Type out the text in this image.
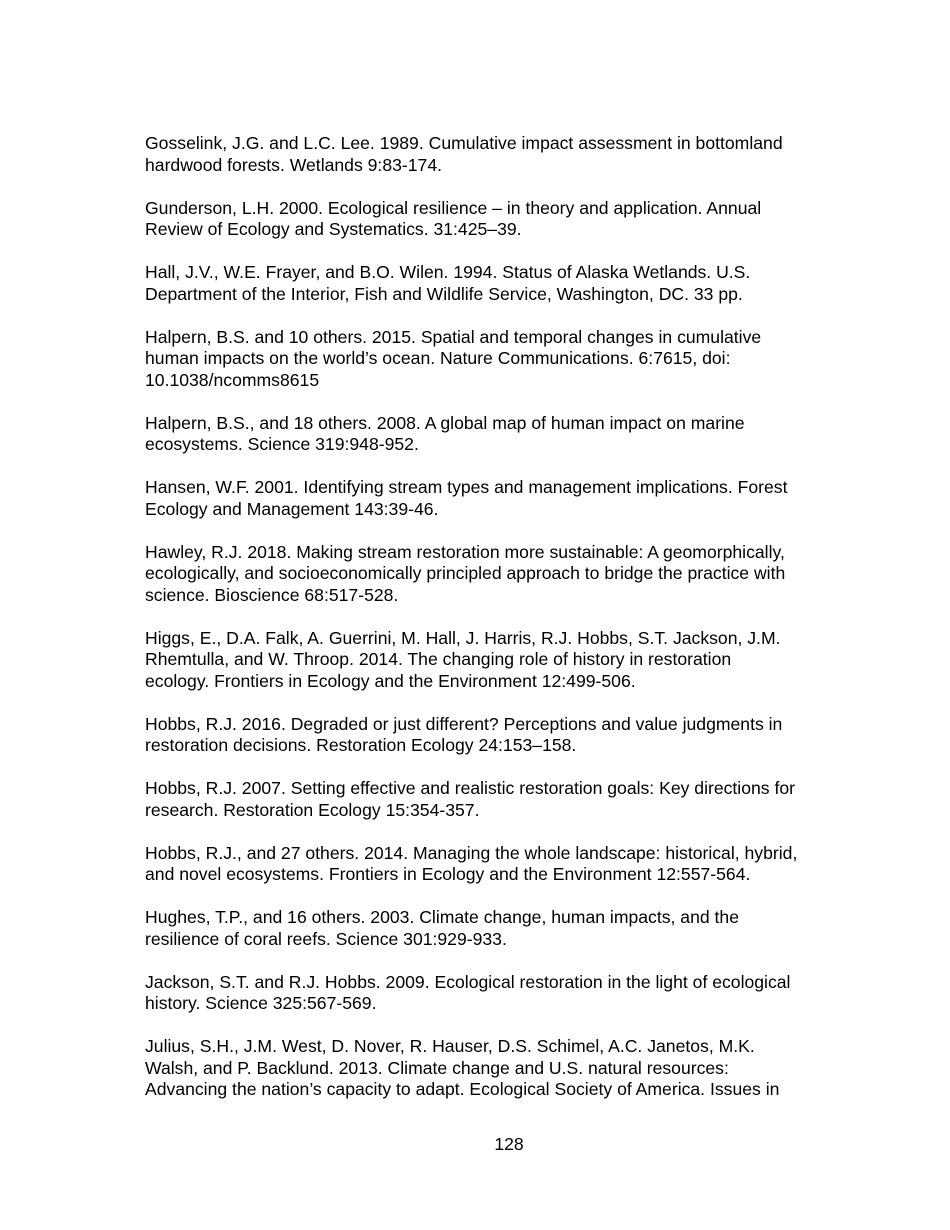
Gosselink, J.G. and L.C. Lee. 1989. Cumulative impact assessment in bottomland
hardwood forests. Wetlands 9:83-174.
Gunderson, L.H. 2000. Ecological resilience – in theory and application. Annual
Review of Ecology and Systematics. 31:425–39.
Hall, J.V., W.E. Frayer, and B.O. Wilen. 1994. Status of Alaska Wetlands. U.S.
Department of the Interior, Fish and Wildlife Service, Washington, DC. 33 pp.
Halpern, B.S. and 10 others. 2015. Spatial and temporal changes in cumulative
human impacts on the world’s ocean. Nature Communications. 6:7615, doi:
10.1038/ncomms8615
Halpern, B.S., and 18 others. 2008. A global map of human impact on marine
ecosystems. Science 319:948-952.
Hansen, W.F. 2001. Identifying stream types and management implications. Forest
Ecology and Management 143:39-46.
Hawley, R.J. 2018. Making stream restoration more sustainable: A geomorphically,
ecologically, and socioeconomically principled approach to bridge the practice with
science. Bioscience 68:517-528.
Higgs, E., D.A. Falk, A. Guerrini, M. Hall, J. Harris, R.J. Hobbs, S.T. Jackson, J.M.
Rhemtulla, and W. Throop. 2014. The changing role of history in restoration
ecology. Frontiers in Ecology and the Environment 12:499-506.
Hobbs, R.J. 2016. Degraded or just different? Perceptions and value judgments in
restoration decisions. Restoration Ecology 24:153–158.
Hobbs, R.J. 2007. Setting effective and realistic restoration goals: Key directions for
research. Restoration Ecology 15:354-357.
Hobbs, R.J., and 27 others. 2014. Managing the whole landscape: historical, hybrid,
and novel ecosystems. Frontiers in Ecology and the Environment 12:557-564.
Hughes, T.P., and 16 others. 2003. Climate change, human impacts, and the
resilience of coral reefs. Science 301:929-933.
Jackson, S.T. and R.J. Hobbs. 2009. Ecological restoration in the light of ecological
history. Science 325:567-569.
Julius, S.H., J.M. West, D. Nover, R. Hauser, D.S. Schimel, A.C. Janetos, M.K.
Walsh, and P. Backlund. 2013. Climate change and U.S. natural resources:
Advancing the nation’s capacity to adapt. Ecological Society of America. Issues in
128
